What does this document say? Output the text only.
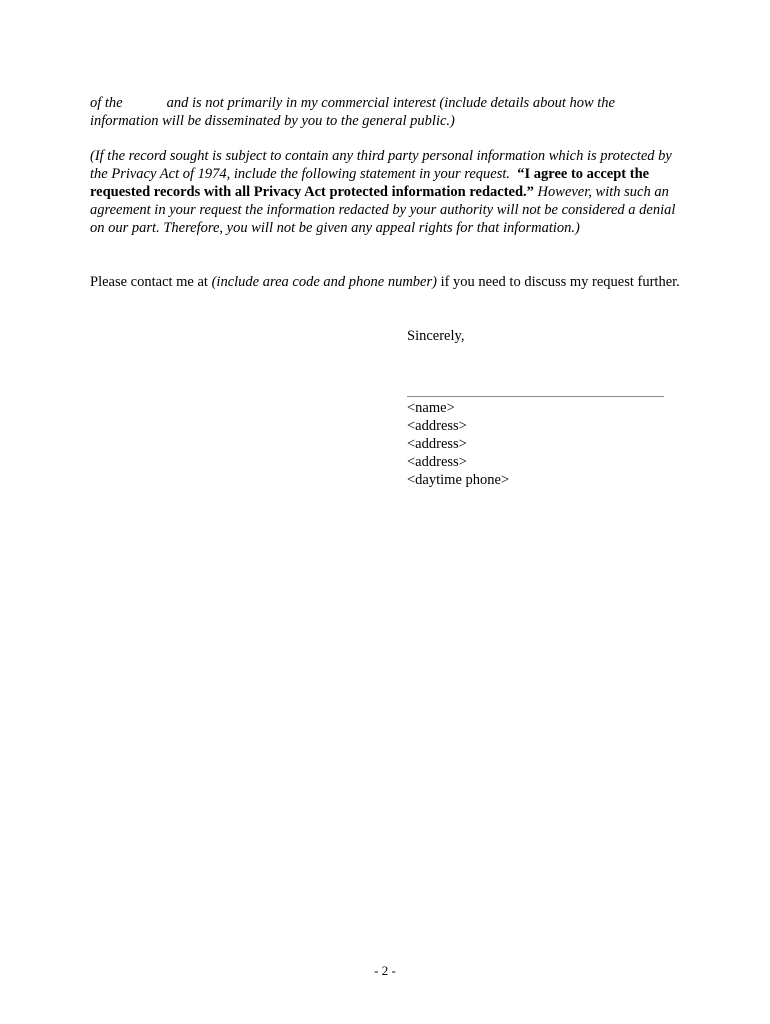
of the	and is not primarily in my commercial interest (include details about how the information will be disseminated by you to the general public.)

(If the record sought is subject to contain any third party personal information which is protected by the Privacy Act of 1974, include the following statement in your request. “I agree to accept the requested records with all Privacy Act protected information redacted.” However, with such an agreement in your request the information redacted by your authority will not be considered a denial on our part. Therefore, you will not be given any appeal rights for that information.)

Please contact me at (include area code and phone number) if you need to discuss my request further.

Sincerely,
<name>
<address>
<address>
<address>
<daytime phone>
- 2 -
